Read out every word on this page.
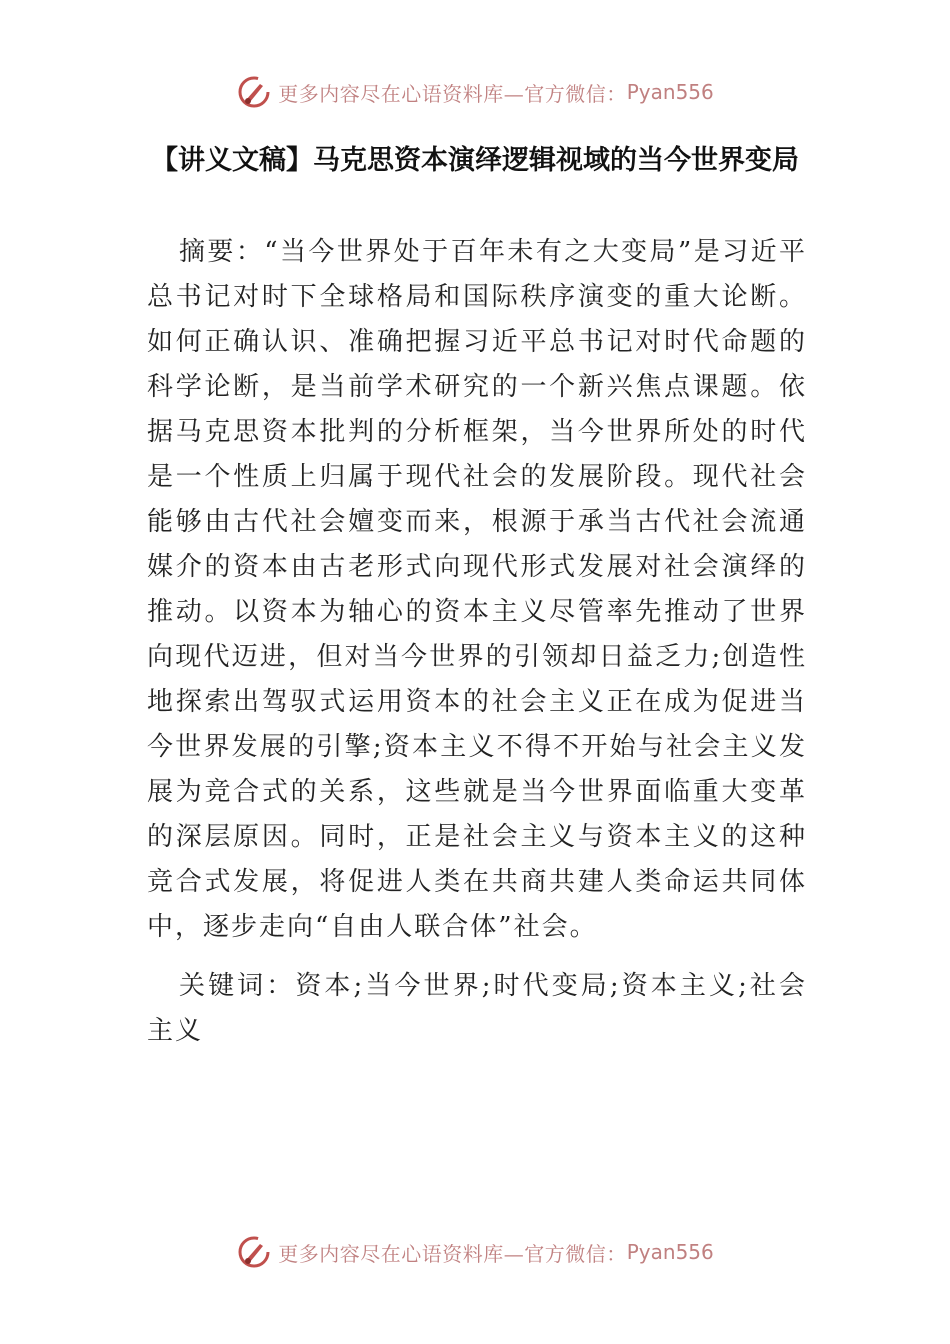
更多内容尽在心语资料库—官方微信： Pyan556
【讲义文稿】马克思资本演绎逻辑视域的当今世界变局

摘要：“当今世界处于百年未有之大变局”是习近平总书记对时下全球格局和国际秩序演变的重大论断。如何正确认识、准确把握习近平总书记对时代命题的科学论断，是当前学术研究的一个新兴焦点课题。依据马克思资本批判的分析框架，当今世界所处的时代是一个性质上归属于现代社会的发展阶段。现代社会能够由古代社会嬗变而来，根源于承当古代社会流通媒介的资本由古老形式向现代形式发展对社会演绎的推动。以资本为轴心的资本主义尽管率先推动了世界向现代迈进，但对当今世界的引领却日益乏力;创造性地探索出驾驭式运用资本的社会主义正在成为促进当今世界发展的引擎;资本主义不得不开始与社会主义发展为竞合式的关系，这些就是当今世界面临重大变革的深层原因。同时，正是社会主义与资本主义的这种竞合式发展，将促进人类在共商共建人类命运共同体中，逐步走向“自由人联合体”社会。

关键词：资本;当今世界;时代变局;资本主义;社会主义

更多内容尽在心语资料库—官方微信： Pyan556
